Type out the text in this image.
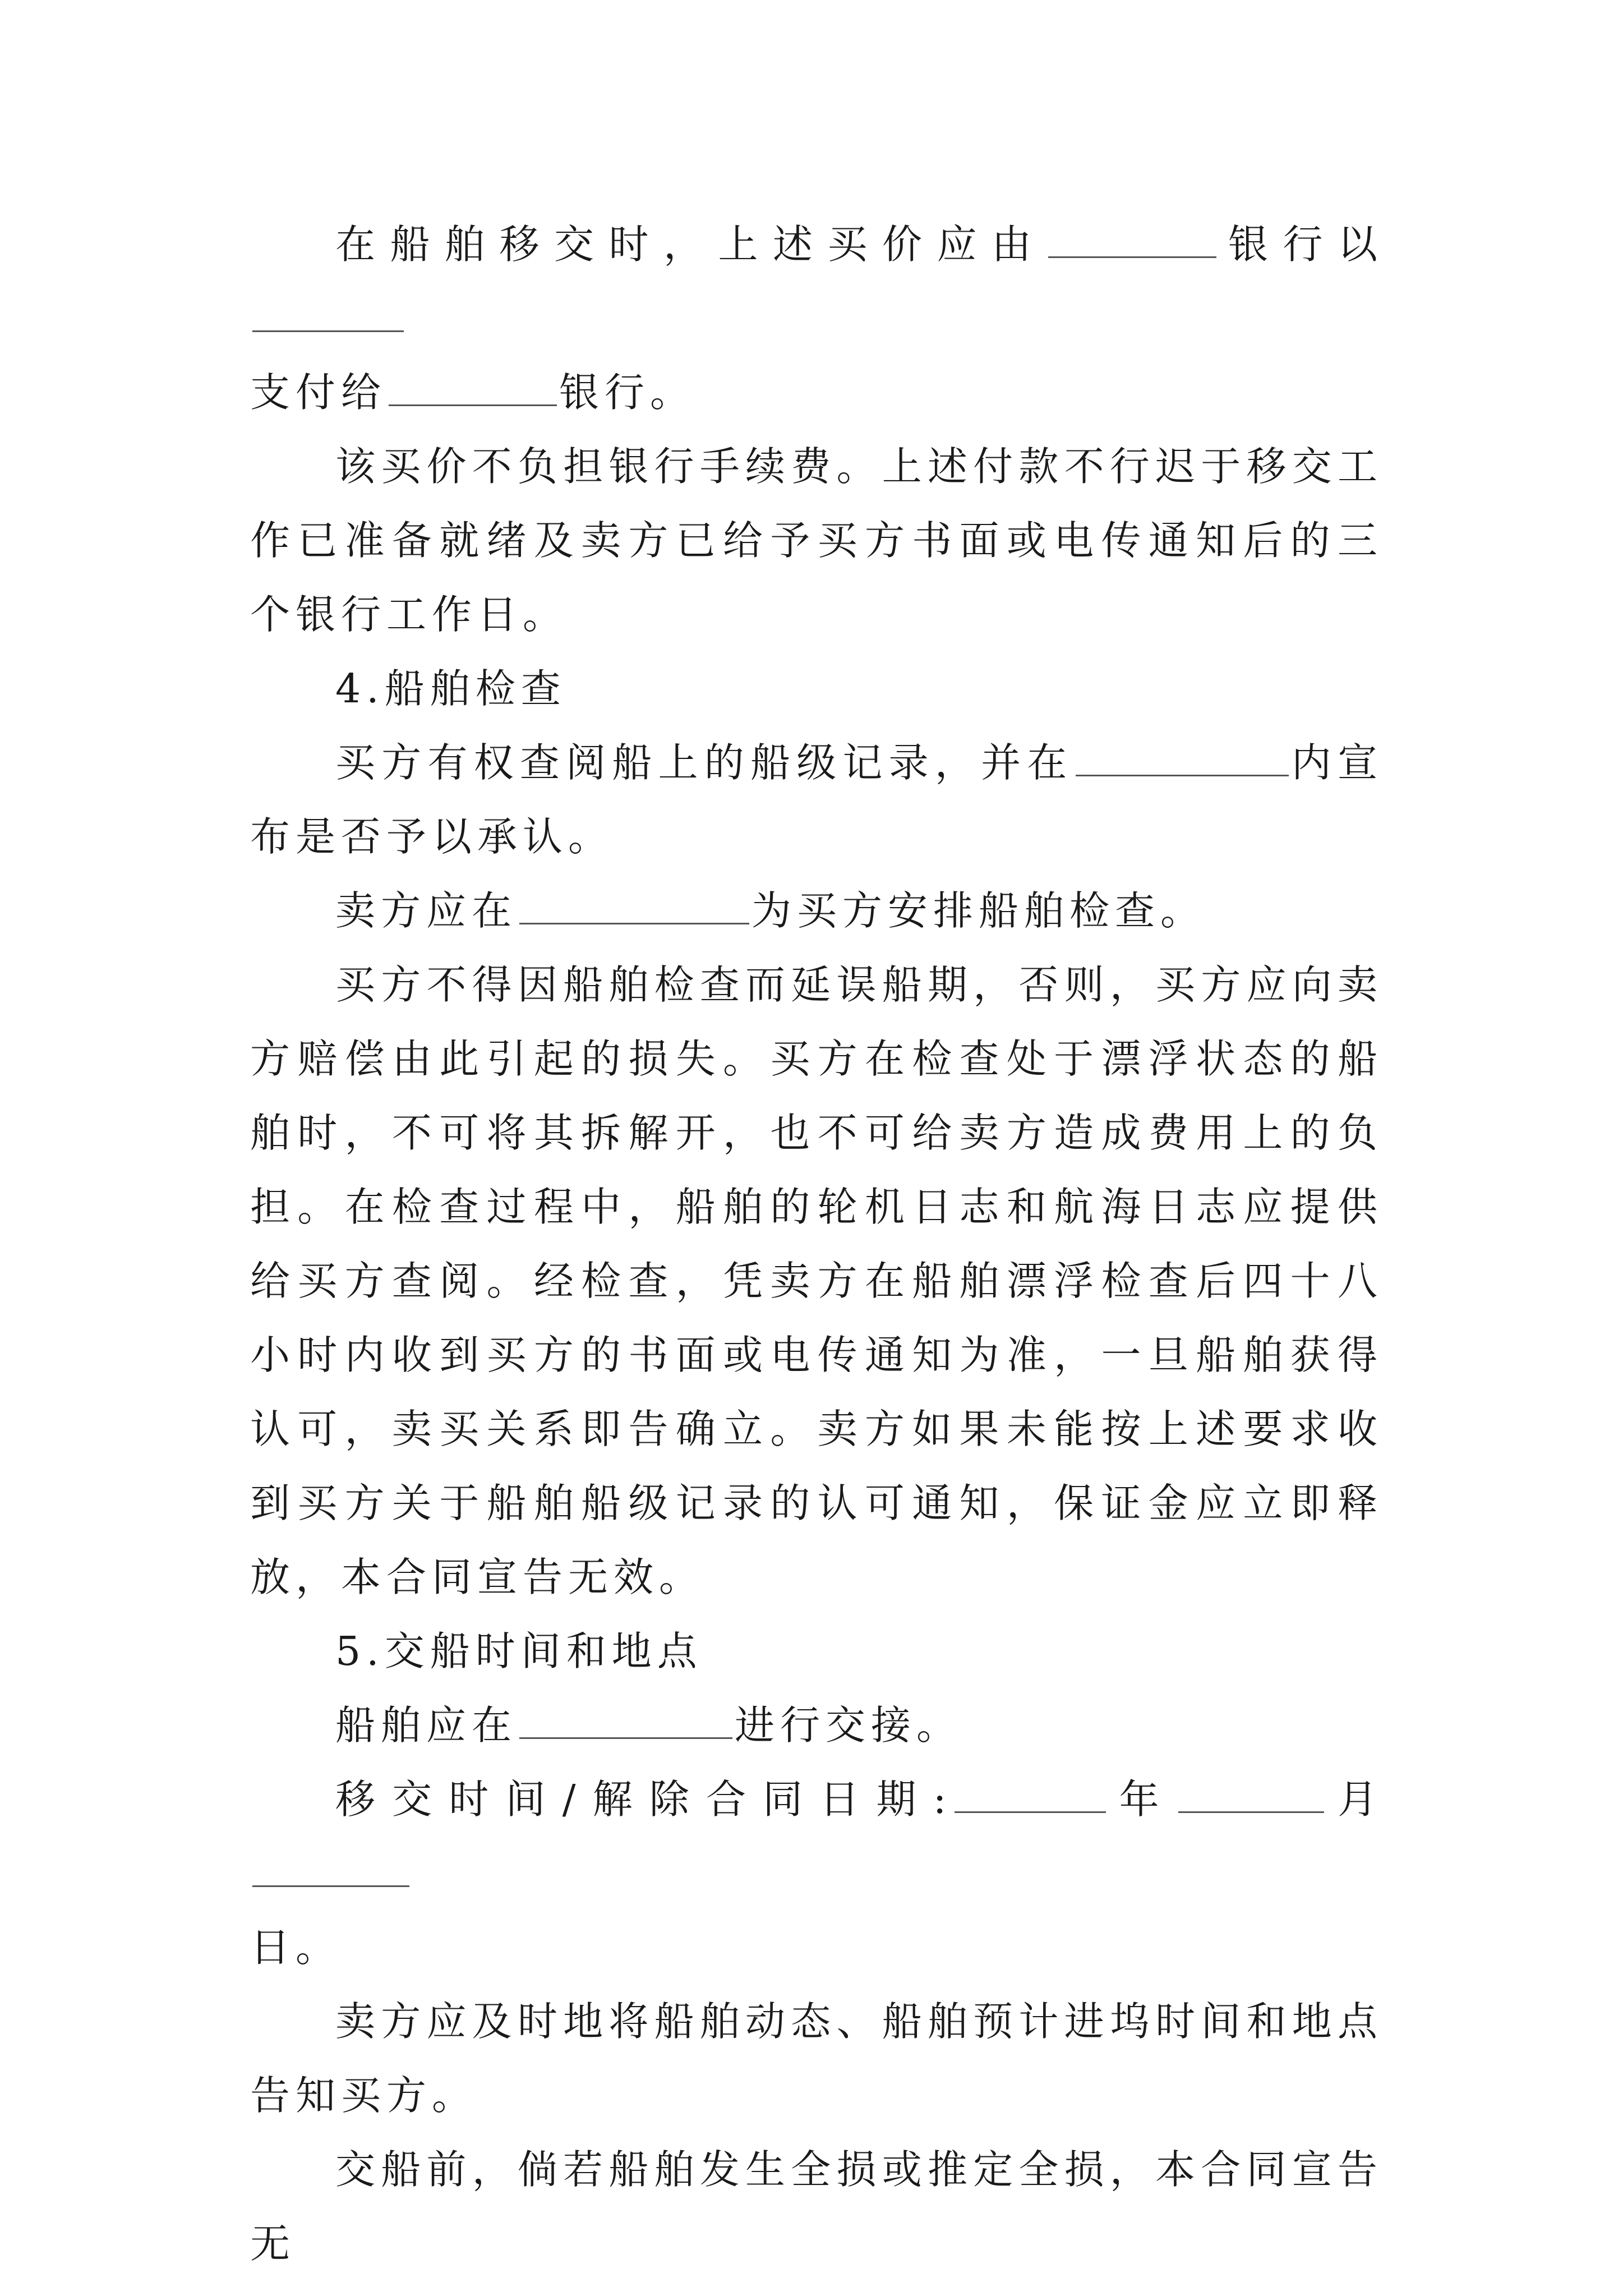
在船舶移交时，上述买价应由	银行以
支付给	银行。

该买价不负担银行手续费。上述付款不行迟于移交工作已准备就绪及卖方已给予买方书面或电传通知后的三个银行工作日。

4.船舶检查

买方有权查阅船上的船级记录，并在	内宣布是否予以承认。

卖方应在	为买方安排船舶检查。

买方不得因船舶检查而延误船期，否则，买方应向卖方赔偿由此引起的损失。买方在检查处于漂浮状态的船舶时，不可将其拆解开，也不可给卖方造成费用上的负担。在检查过程中，船舶的轮机日志和航海日志应提供给买方查阅。经检查，凭卖方在船舶漂浮检查后四十八小时内收到买方的书面或电传通知为准，一旦船舶获得认可，卖买关系即告确立。卖方如果未能按上述要求收到买方关于船舶船级记录的认可通知，保证金应立即释放，本合同宣告无效。

5.交船时间和地点

船舶应在	进行交接。

移交时间/解除合同日期:	年	月
日。

卖方应及时地将船舶动态、船舶预计进坞时间和地点告知买方。

交船前，倘若船舶发生全损或推定全损，本合同宣告无
